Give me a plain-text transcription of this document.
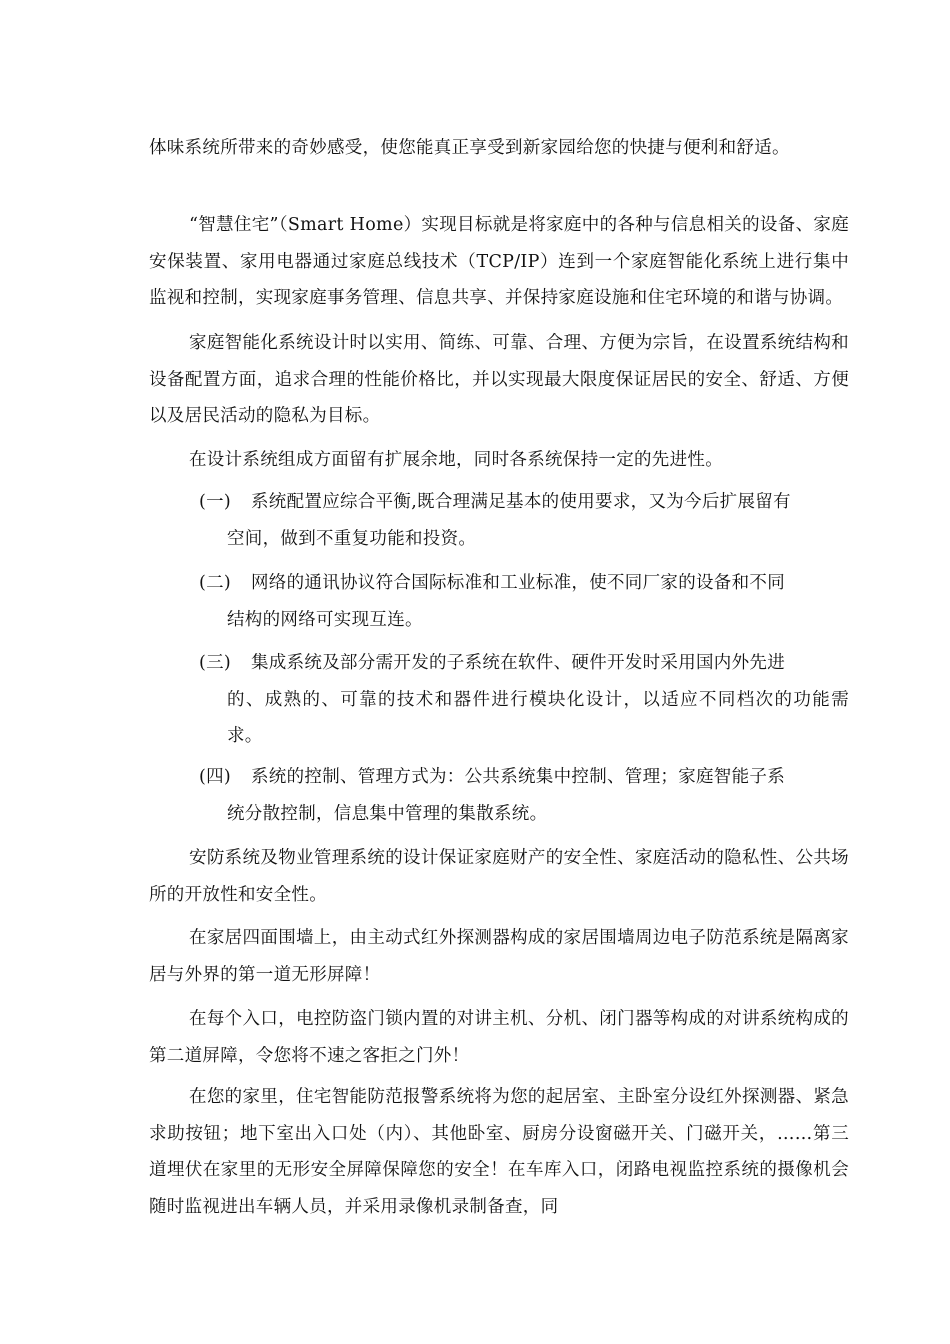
体味系统所带来的奇妙感受，使您能真正享受到新家园给您的快捷与便利和舒适。

“智慧住宅”（Smart Home）实现目标就是将家庭中的各种与信息相关的设备、家庭安保装置、家用电器通过家庭总线技术（TCP/IP）连到一个家庭智能化系统上进行集中监视和控制，实现家庭事务管理、信息共享、并保持家庭设施和住宅环境的和谐与协调。

家庭智能化系统设计时以实用、简练、可靠、合理、方便为宗旨，在设置系统结构和设备配置方面，追求合理的性能价格比，并以实现最大限度保证居民的安全、舒适、方便以及居民活动的隐私为目标。

在设计系统组成方面留有扩展余地，同时各系统保持一定的先进性。

(一) 系统配置应综合平衡,既合理满足基本的使用要求，又为今后扩展留有
空间，做到不重复功能和投资。
(二) 网络的通讯协议符合国际标准和工业标准，使不同厂家的设备和不同
结构的网络可实现互连。
(三) 集成系统及部分需开发的子系统在软件、硬件开发时采用国内外先进

的、成熟的、可靠的技术和器件进行模块化设计，以适应不同档次的功能需求。
(四) 系统的控制、管理方式为：公共系统集中控制、管理；家庭智能子系
统分散控制，信息集中管理的集散系统。

安防系统及物业管理系统的设计保证家庭财产的安全性、家庭活动的隐私性、公共场所的开放性和安全性。

在家居四面围墙上，由主动式红外探测器构成的家居围墙周边电子防范系统是隔离家居与外界的第一道无形屏障！

在每个入口，电控防盗门锁内置的对讲主机、分机、闭门器等构成的对讲系统构成的第二道屏障，令您将不速之客拒之门外！

在您的家里，住宅智能防范报警系统将为您的起居室、主卧室分设红外探测器、紧急求助按钮；地下室出入口处（内）、其他卧室、厨房分设窗磁开关、门磁开关，……第三道埋伏在家里的无形安全屏障保障您的安全！在车库入口，闭路电视监控系统的摄像机会随时监视进出车辆人员，并采用录像机录制备查，同
